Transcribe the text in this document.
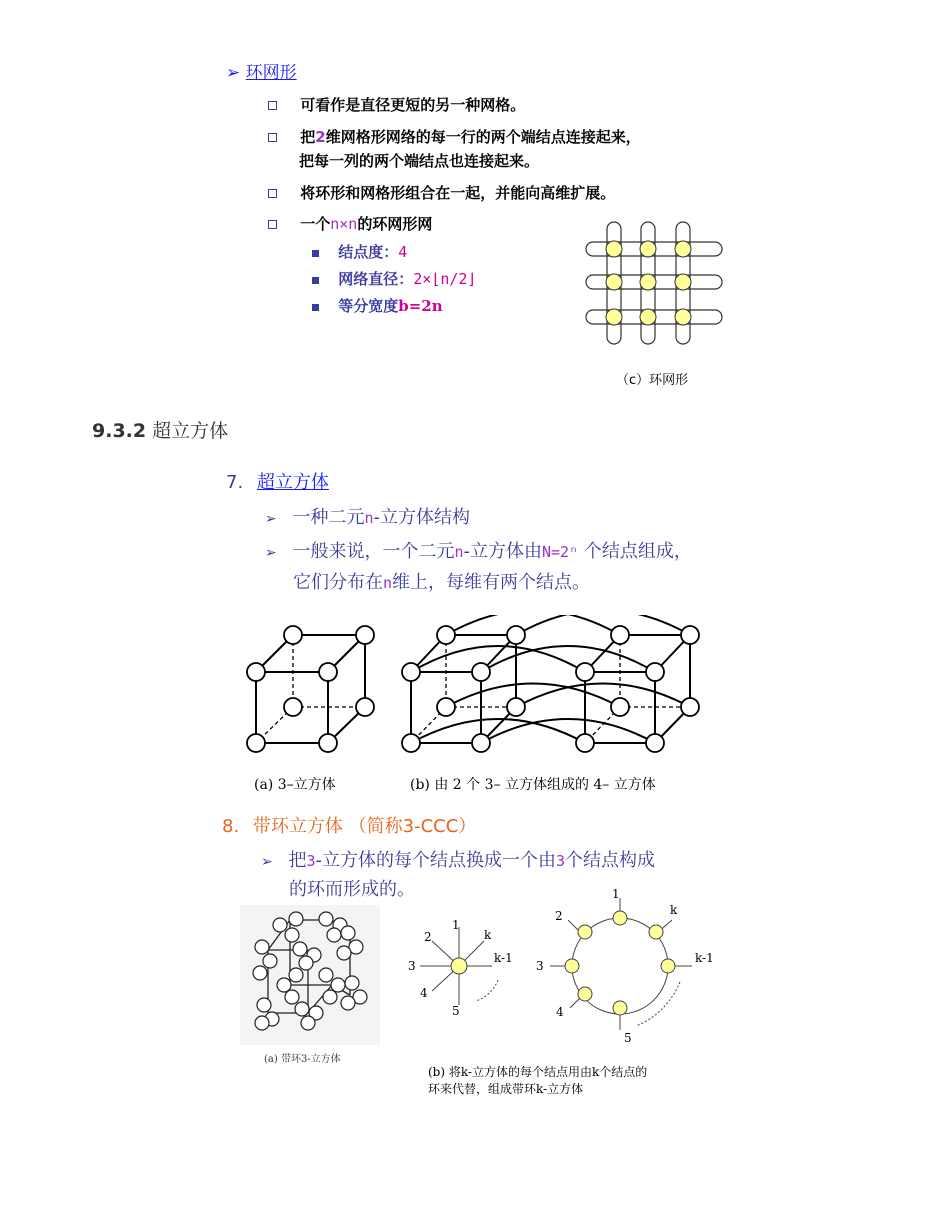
➢ 环网形
可看作是直径更短的另一种网格。
把2维网格形网络的每一行的两个端结点连接起来，
把每一列的两个端结点也连接起来。
将环形和网格形组合在一起，并能向高维扩展。
一个n×n的环网形网
结点度：4
网络直径：2×⌊n/2⌋
等分宽度b=2n
（c）环网形
9.3.2 超立方体
7. 超立方体
➢ 一种二元n-立方体结构
➢ 一般来说，一个二元n-立方体由N=2ⁿ 个结点组成，
它们分布在n维上，每维有两个结点。
(a) 3–立方体	(b) 由 2 个 3– 立方体组成的 4– 立方体
8. 带环立方体 （简称3-CCC）
➢ 把3-立方体的每个结点换成一个由3个结点构成
的环而形成的。
(a) 带环3-立方体
1
2	k
3
k-1
4
5
1
2	k
3
k-1
4
5
(b) 将k-立方体的每个结点用由k个结点的
环来代替，组成带环k-立方体
